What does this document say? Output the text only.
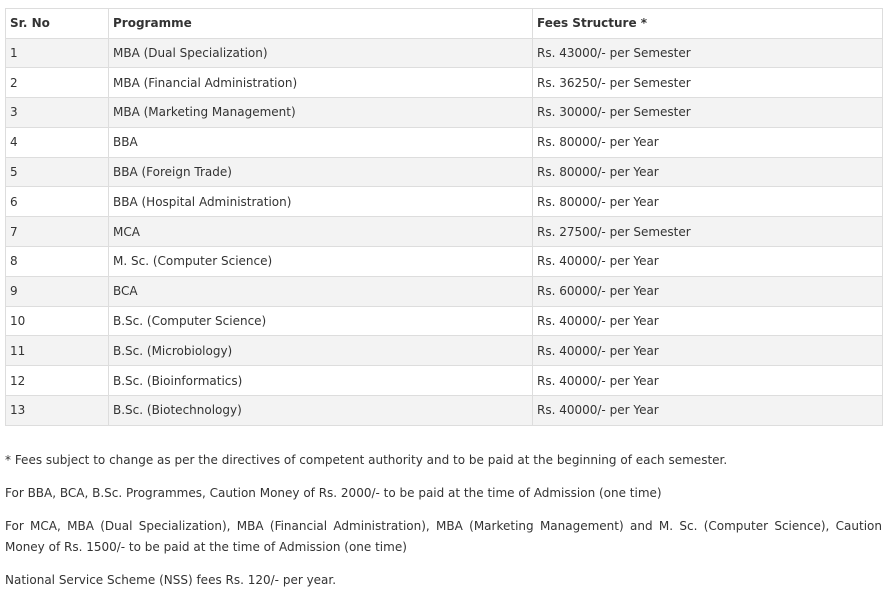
Sr. No	Programme	Fees Structure *
1	MBA (Dual Specialization)	Rs. 43000/- per Semester
2	MBA (Financial Administration)	Rs. 36250/- per Semester
3	MBA (Marketing Management)	Rs. 30000/- per Semester
4	BBA	Rs. 80000/- per Year
5	BBA (Foreign Trade)	Rs. 80000/- per Year
6	BBA (Hospital Administration)	Rs. 80000/- per Year
7	MCA	Rs. 27500/- per Semester
8	M. Sc. (Computer Science)	Rs. 40000/- per Year
9	BCA	Rs. 60000/- per Year
10	B.Sc. (Computer Science)	Rs. 40000/- per Year
11	B.Sc. (Microbiology)	Rs. 40000/- per Year
12	B.Sc. (Bioinformatics)	Rs. 40000/- per Year
13	B.Sc. (Biotechnology)	Rs. 40000/- per Year

* Fees subject to change as per the directives of competent authority and to be paid at the beginning of each semester.

For BBA, BCA, B.Sc. Programmes, Caution Money of Rs. 2000/- to be paid at the time of Admission (one time)

For MCA, MBA (Dual Specialization), MBA (Financial Administration), MBA (Marketing Management) and M. Sc. (Computer Science), Caution Money of Rs. 1500/- to be paid at the time of Admission (one time)

National Service Scheme (NSS) fees Rs. 120/- per year.
